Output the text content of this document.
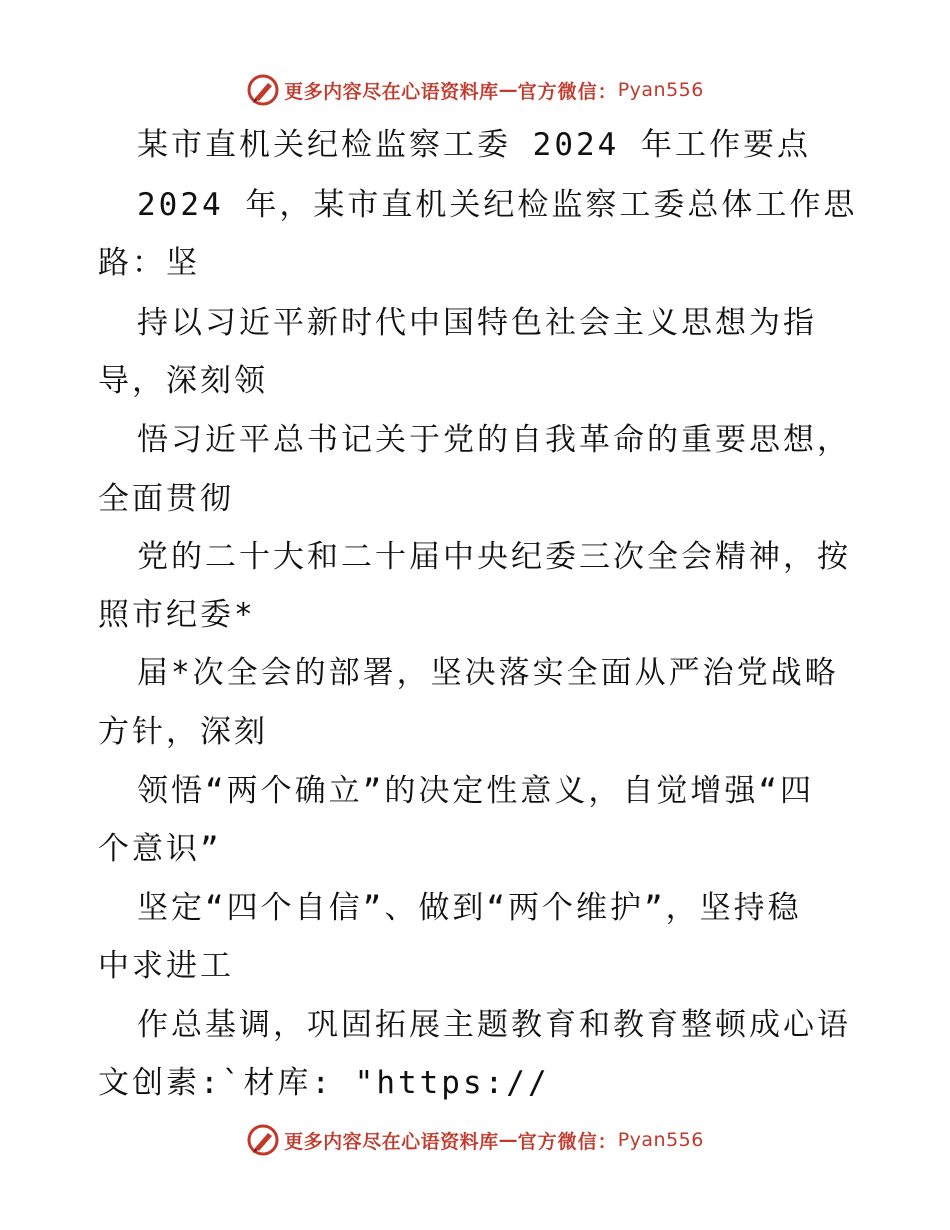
更多内容尽在心语资料库 — 官方微信： Pyan556
某市直机关纪检监察工委 2024 年工作要点
2024 年，某市直机关纪检监察工委总体工作思
路：坚
持以习近平新时代中国特色社会主义思想为指
导，深刻领
悟习近平总书记关于党的自我革命的重要思想，
全面贯彻
党的二十大和二十届中央纪委三次全会精神，按
照市纪委*
届*次全会的部署，坚决落实全面从严治党战略
方针，深刻
领悟“两个确立”的决定性意义，自觉增强“四
个意识”
坚定“四个自信”、做到“两个维护”，坚持稳
中求进工
作总基调，巩固拓展主题教育和教育整顿成心语
文创素:`材库: "https://
更多内容尽在心语资料库 — 官方微信： Pyan556
